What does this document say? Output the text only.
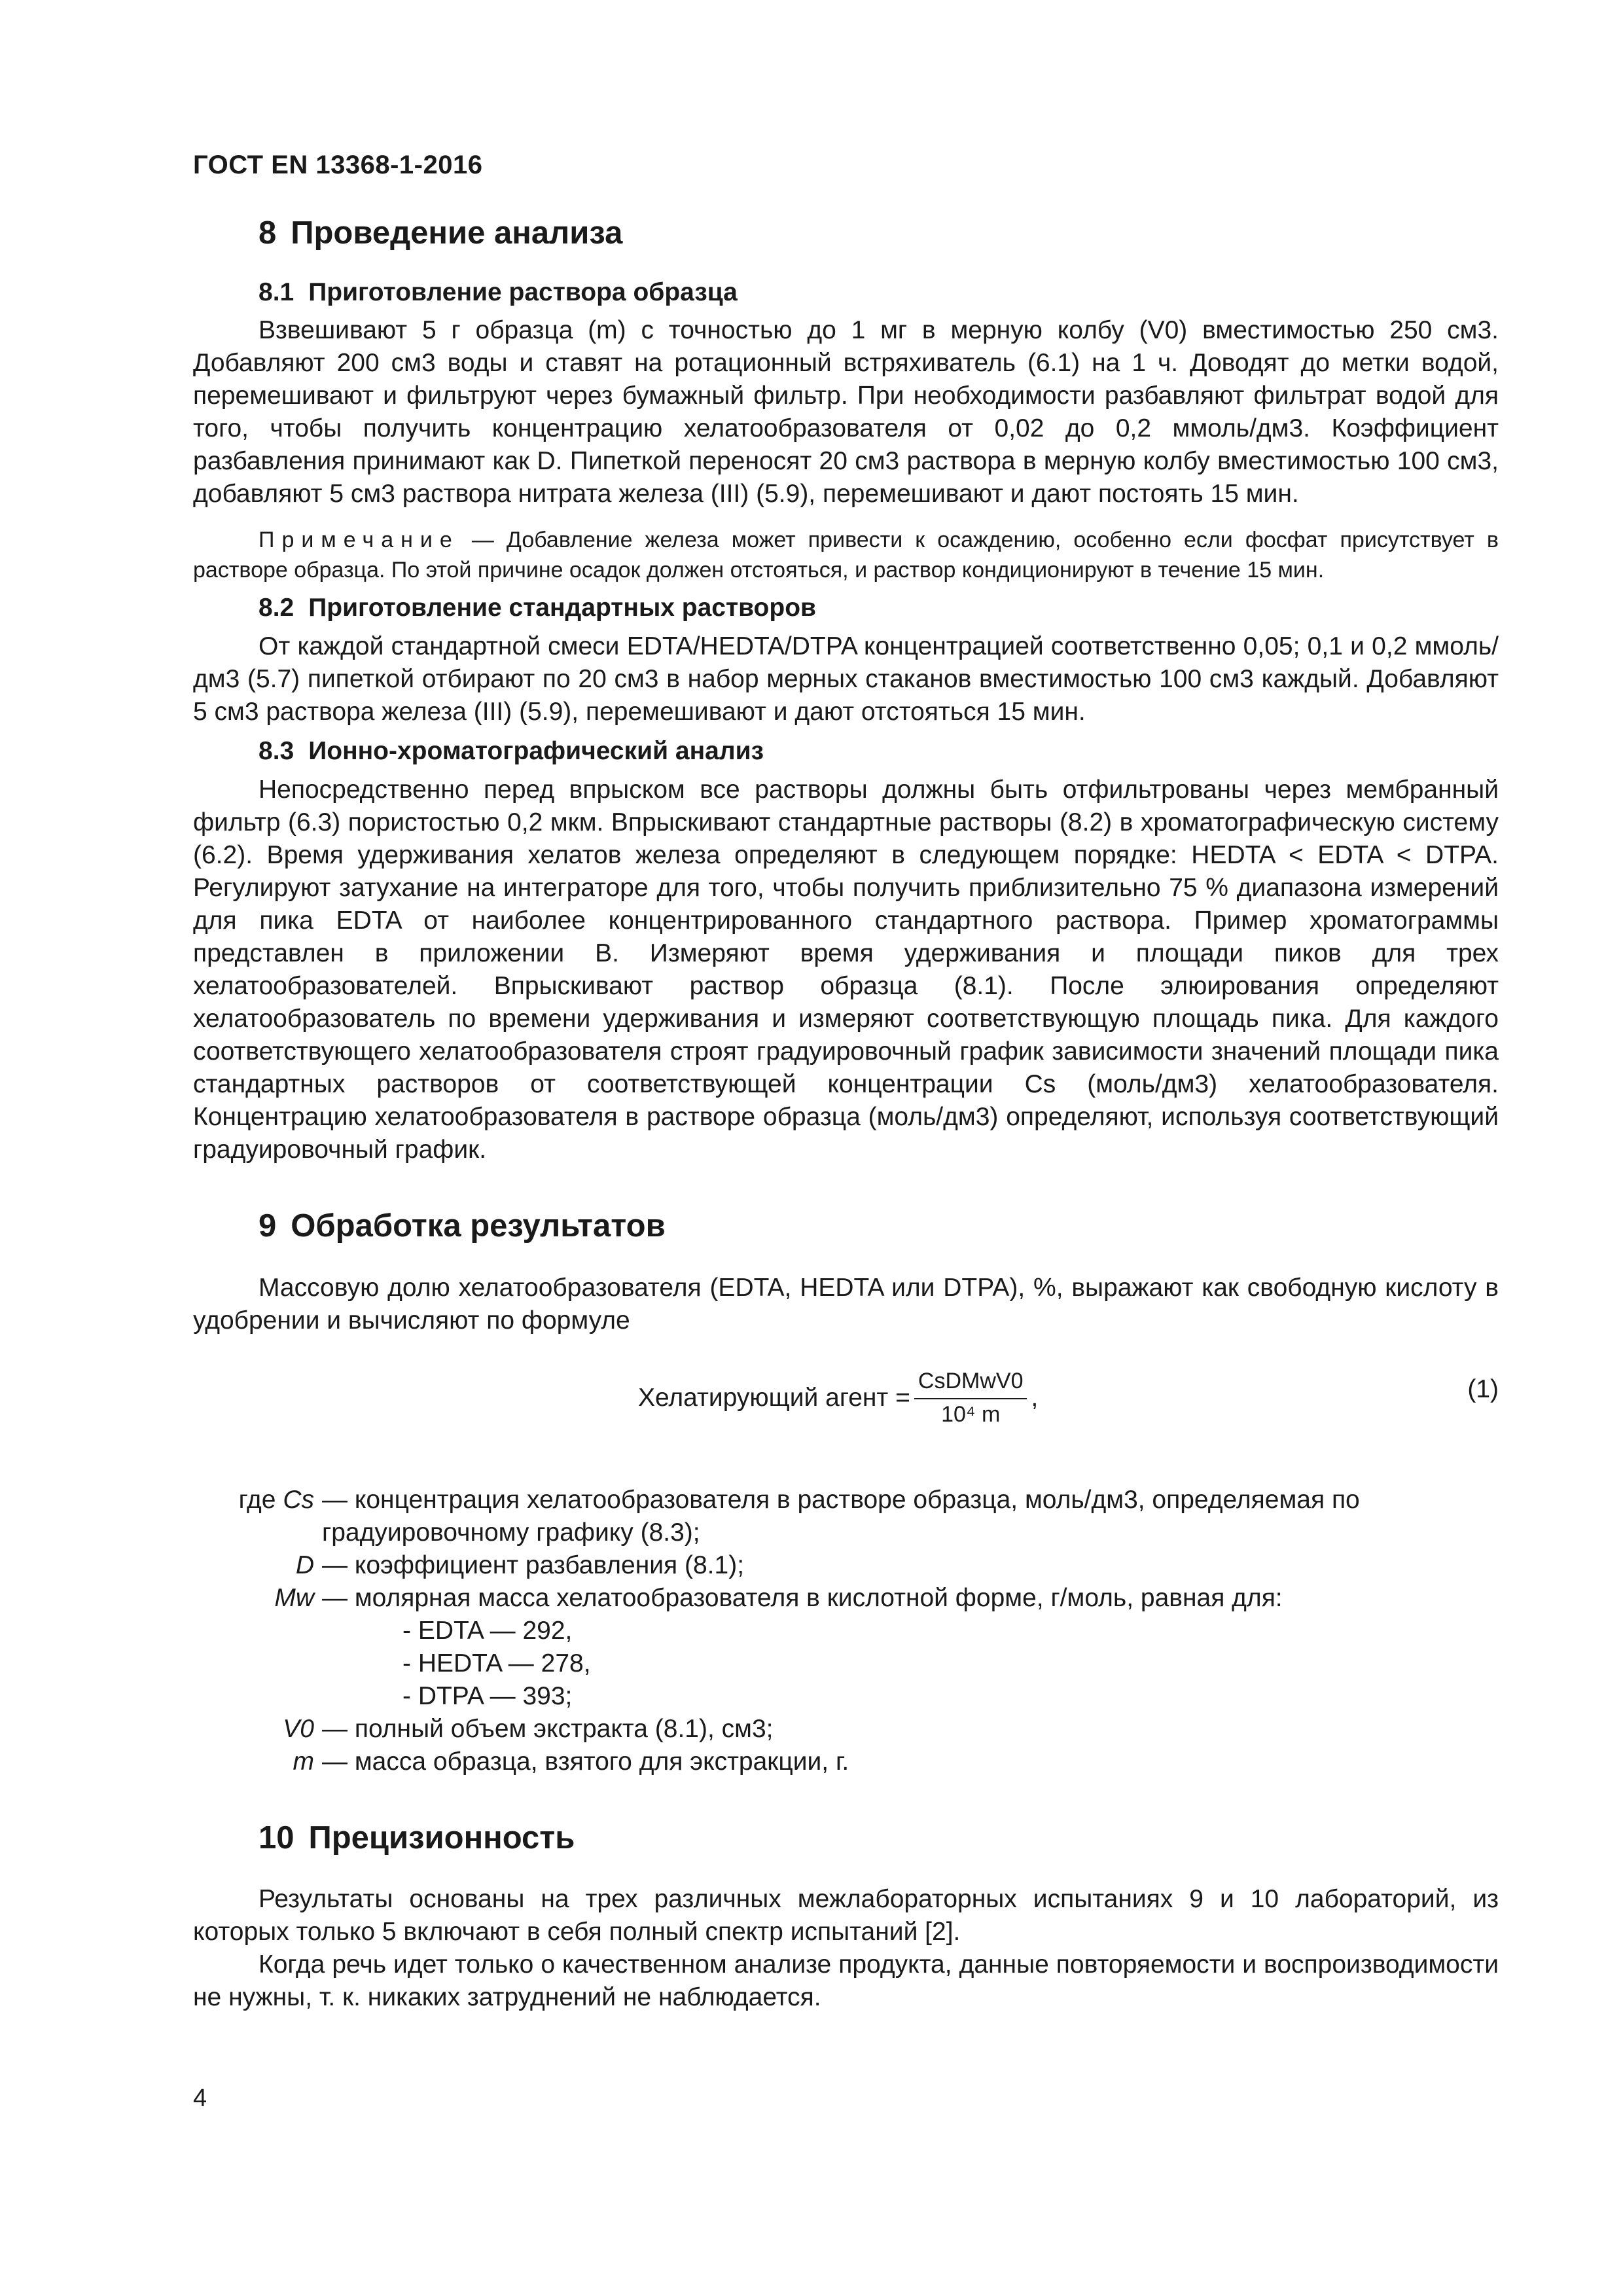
ГОСТ EN 13368-1-2016
8 Проведение анализа
8.1 Приготовление раствора образца

Взвешивают 5 г образца (m) с точностью до 1 мг в мерную колбу (V0) вместимостью 250 см3. Добавляют 200 см3 воды и ставят на ротационный встряхиватель (6.1) на 1 ч. Доводят до метки водой, перемешивают и фильтруют через бумажный фильтр. При необходимости разбавляют фильтрат водой для того, чтобы получить концентрацию хелатообразователя от 0,02 до 0,2 ммоль/дм3. Коэффициент разбавления принимают как D. Пипеткой переносят 20 см3 раствора в мерную колбу вместимостью 100 см3, добавляют 5 см3 раствора нитрата железа (III) (5.9), перемешивают и дают постоять 15 мин.

Примечание — Добавление железа может привести к осаждению, особенно если фосфат присутствует в растворе образца. По этой причине осадок должен отстояться, и раствор кондиционируют в течение 15 мин.

8.2 Приготовление стандартных растворов

От каждой стандартной смеси EDTA/HEDTA/DTPA концентрацией соответственно 0,05; 0,1 и 0,2 ммоль/дм3 (5.7) пипеткой отбирают по 20 см3 в набор мерных стаканов вместимостью 100 см3 каждый. Добавляют 5 см3 раствора железа (III) (5.9), перемешивают и дают отстояться 15 мин.

8.3 Ионно-хроматографический анализ

Непосредственно перед впрыском все растворы должны быть отфильтрованы через мембранный фильтр (6.3) пористостью 0,2 мкм. Впрыскивают стандартные растворы (8.2) в хроматографическую систему (6.2). Время удерживания хелатов железа определяют в следующем порядке: HEDTA < EDTA < DTPA. Регулируют затухание на интеграторе для того, чтобы получить приблизительно 75 % диапазона измерений для пика EDTA от наиболее концентрированного стандартного раствора. Пример хроматограммы представлен в приложении В. Измеряют время удерживания и площади пиков для трех хелатообразователей. Впрыскивают раствор образца (8.1). После элюирования определяют хелатообразователь по времени удерживания и измеряют соответствующую площадь пика. Для каждого соответствующего хелатообразователя строят градуировочный график зависимости значений площади пика стандартных растворов от соответствующей концентрации Cs (моль/дм3) хелатообразователя. Концентрацию хелатообразователя в растворе образца (моль/дм3) определяют, используя соответствующий градуировочный график.

9 Обработка результатов

Массовую долю хелатообразователя (EDTA, HEDTA или DTPA), %, выражают как свободную кислоту в удобрении и вычисляют по формуле

Хелатирующий агент = $\frac{\text{CsDMwV0}}{\text{10⁴ m}}$ ,	(1)
где Cs — концентрация хелатообразователя в растворе образца, моль/дм3, определяемая по градуировочному графику (8.3);
D — коэффициент разбавления (8.1);
Mw — молярная масса хелатообразователя в кислотной форме, г/моль, равная для:
- EDTA — 292,
- HEDTA — 278,
- DTPA — 393;
V0 — полный объем экстракта (8.1), см3;
m — масса образца, взятого для экстракции, г.
10 Прецизионность

Результаты основаны на трех различных межлабораторных испытаниях 9 и 10 лабораторий, из которых только 5 включают в себя полный спектр испытаний [2].

Когда речь идет только о качественном анализе продукта, данные повторяемости и воспроизводимости не нужны, т. к. никаких затруднений не наблюдается.

4
